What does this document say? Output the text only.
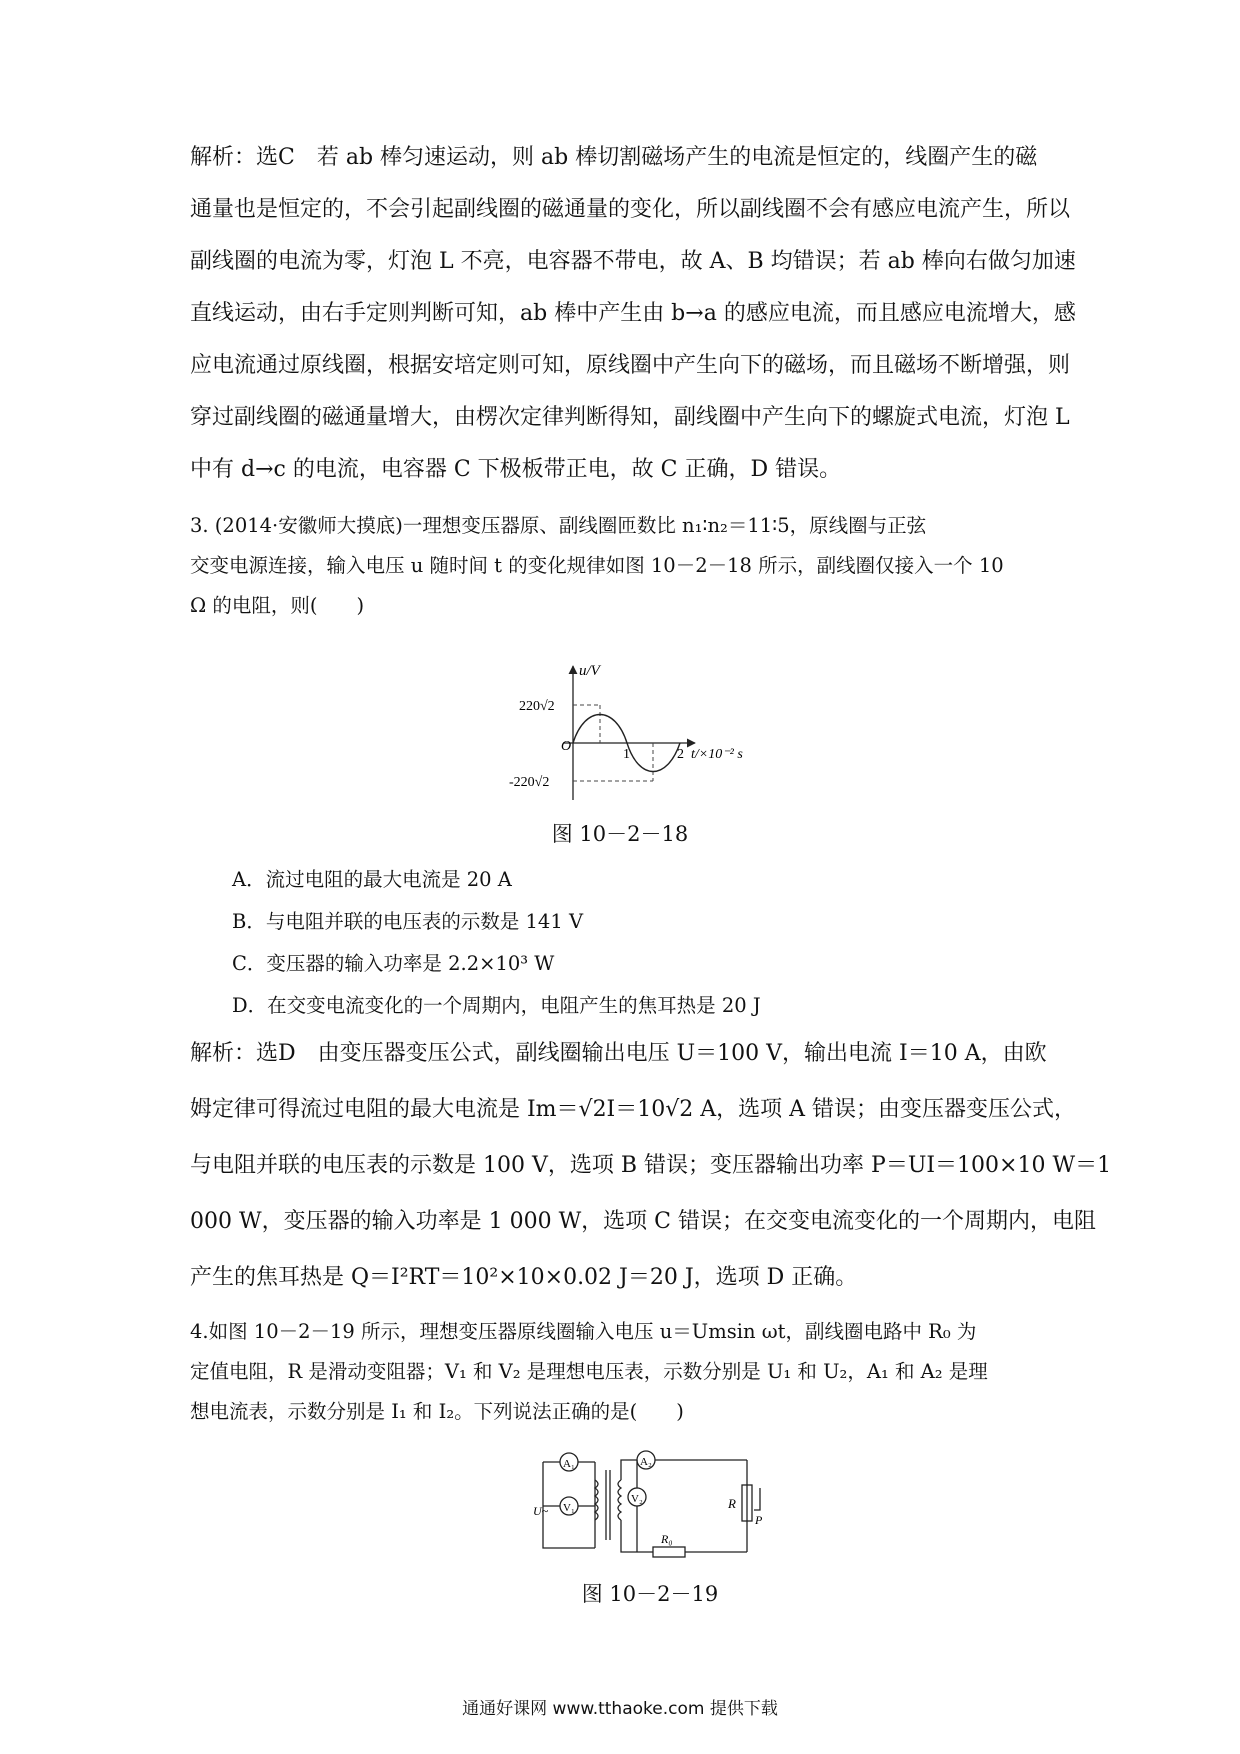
解析：选C　若 ab 棒匀速运动，则 ab 棒切割磁场产生的电流是恒定的，线圈产生的磁
通量也是恒定的，不会引起副线圈的磁通量的变化，所以副线圈不会有感应电流产生，所以
副线圈的电流为零，灯泡 L 不亮，电容器不带电，故 A、B 均错误；若 ab 棒向右做匀加速
直线运动，由右手定则判断可知，ab 棒中产生由 b→a 的感应电流，而且感应电流增大，感
应电流通过原线圈，根据安培定则可知，原线圈中产生向下的磁场，而且磁场不断增强，则
穿过副线圈的磁通量增大，由楞次定律判断得知，副线圈中产生向下的螺旋式电流，灯泡 L
中有 d→c 的电流，电容器 C 下极板带正电，故 C 正确，D 错误。
3. (2014·安徽师大摸底)一理想变压器原、副线圈匝数比 n₁∶n₂＝11∶5，原线圈与正弦
交变电源连接，输入电压 u 随时间 t 的变化规律如图 10－2－18 所示，副线圈仅接入一个 10
Ω 的电阻，则(　　)
u/V
220√2
O
-220√2
1	2 t/×10⁻² s
图 10－2－18
A．流过电阻的最大电流是 20 A
B．与电阻并联的电压表的示数是 141 V
C．变压器的输入功率是 2.2×10³ W
D．在交变电流变化的一个周期内，电阻产生的焦耳热是 20 J
解析：选D　由变压器变压公式，副线圈输出电压 U＝100 V，输出电流 I＝10 A，由欧
姆定律可得流过电阻的最大电流是 Im＝√2I＝10√2 A，选项 A 错误；由变压器变压公式，
与电阻并联的电压表的示数是 100 V，选项 B 错误；变压器输出功率 P＝UI＝100×10 W＝1
000 W，变压器的输入功率是 1 000 W，选项 C 错误；在交变电流变化的一个周期内，电阻
产生的焦耳热是 Q＝I²RT＝10²×10×0.02 J＝20 J，选项 D 正确。
4.如图 10－2－19 所示，理想变压器原线圈输入电压 u＝Umsin ωt，副线圈电路中 R₀ 为
定值电阻，R 是滑动变阻器；V₁ 和 V₂ 是理想电压表，示数分别是 U₁ 和 U₂，A₁ 和 A₂ 是理
想电流表，示数分别是 I₁ 和 I₂。下列说法正确的是(　　)
A₁
V₁
A₂
V₂
U~	R
P
R₀
图 10－2－19
通通好课网 www.tthaoke.com 提供下载
